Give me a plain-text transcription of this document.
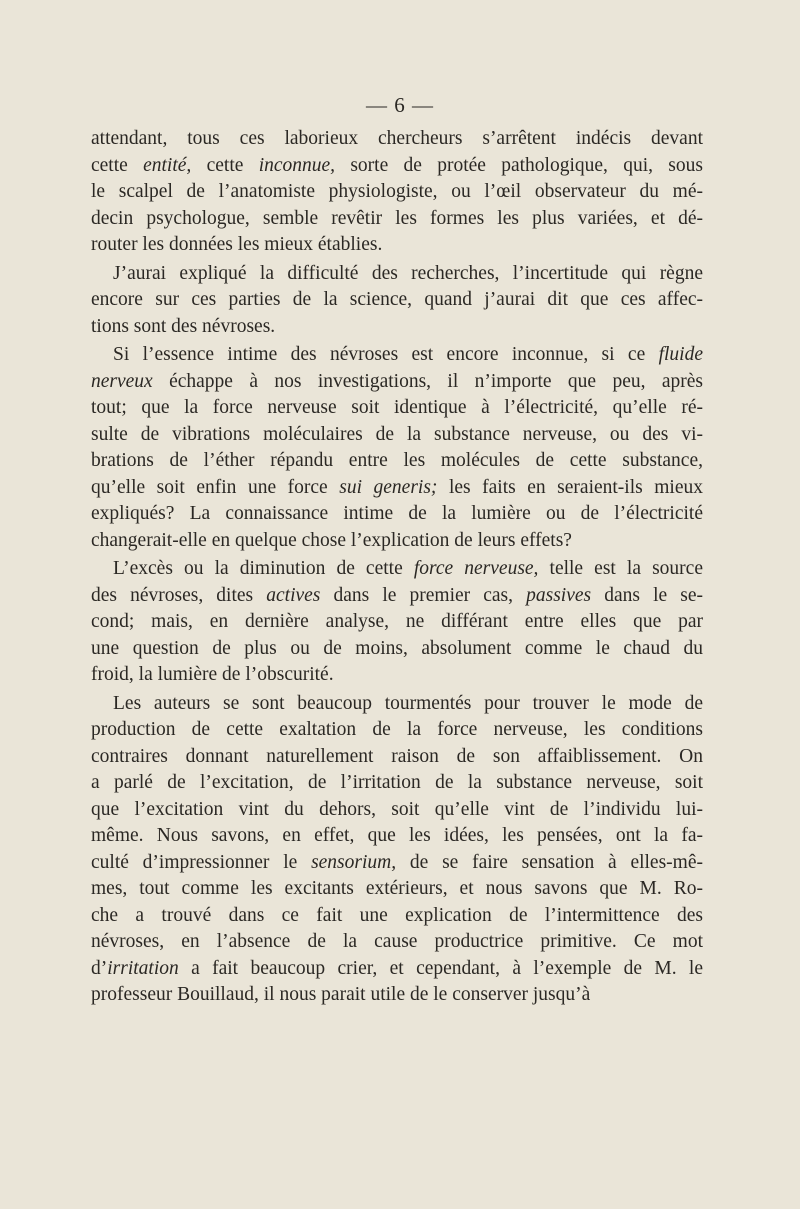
— 6 —

attendant, tous ces laborieux chercheurs s’arrêtent indécis devant
cette entité, cette inconnue, sorte de protée pathologique, qui, sous
le scalpel de l’anatomiste physiologiste, ou l’œil observateur du mé-
decin psychologue, semble revêtir les formes les plus variées, et dé-
router les données les mieux établies.

J’aurai expliqué la difficulté des recherches, l’incertitude qui règne
encore sur ces parties de la science, quand j’aurai dit que ces affec-
tions sont des névroses.

Si l’essence intime des névroses est encore inconnue, si ce fluide
nerveux échappe à nos investigations, il n’importe que peu, après
tout; que la force nerveuse soit identique à l’électricité, qu’elle ré-
sulte de vibrations moléculaires de la substance nerveuse, ou des vi-
brations de l’éther répandu entre les molécules de cette substance,
qu’elle soit enfin une force sui generis; les faits en seraient-ils mieux
expliqués? La connaissance intime de la lumière ou de l’électricité
changerait-elle en quelque chose l’explication de leurs effets?

L’excès ou la diminution de cette force nerveuse, telle est la source
des névroses, dites actives dans le premier cas, passives dans le se-
cond; mais, en dernière analyse, ne différant entre elles que par
une question de plus ou de moins, absolument comme le chaud du
froid, la lumière de l’obscurité.

Les auteurs se sont beaucoup tourmentés pour trouver le mode de
production de cette exaltation de la force nerveuse, les conditions
contraires donnant naturellement raison de son affaiblissement. On
a parlé de l’excitation, de l’irritation de la substance nerveuse, soit
que l’excitation vint du dehors, soit qu’elle vint de l’individu lui-
même. Nous savons, en effet, que les idées, les pensées, ont la fa-
culté d’impressionner le sensorium, de se faire sensation à elles-mê-
mes, tout comme les excitants extérieurs, et nous savons que M. Ro-
che a trouvé dans ce fait une explication de l’intermittence des
névroses, en l’absence de la cause productrice primitive. Ce mot
d’irritation a fait beaucoup crier, et cependant, à l’exemple de M. le
professeur Bouillaud, il nous parait utile de le conserver jusqu’à
